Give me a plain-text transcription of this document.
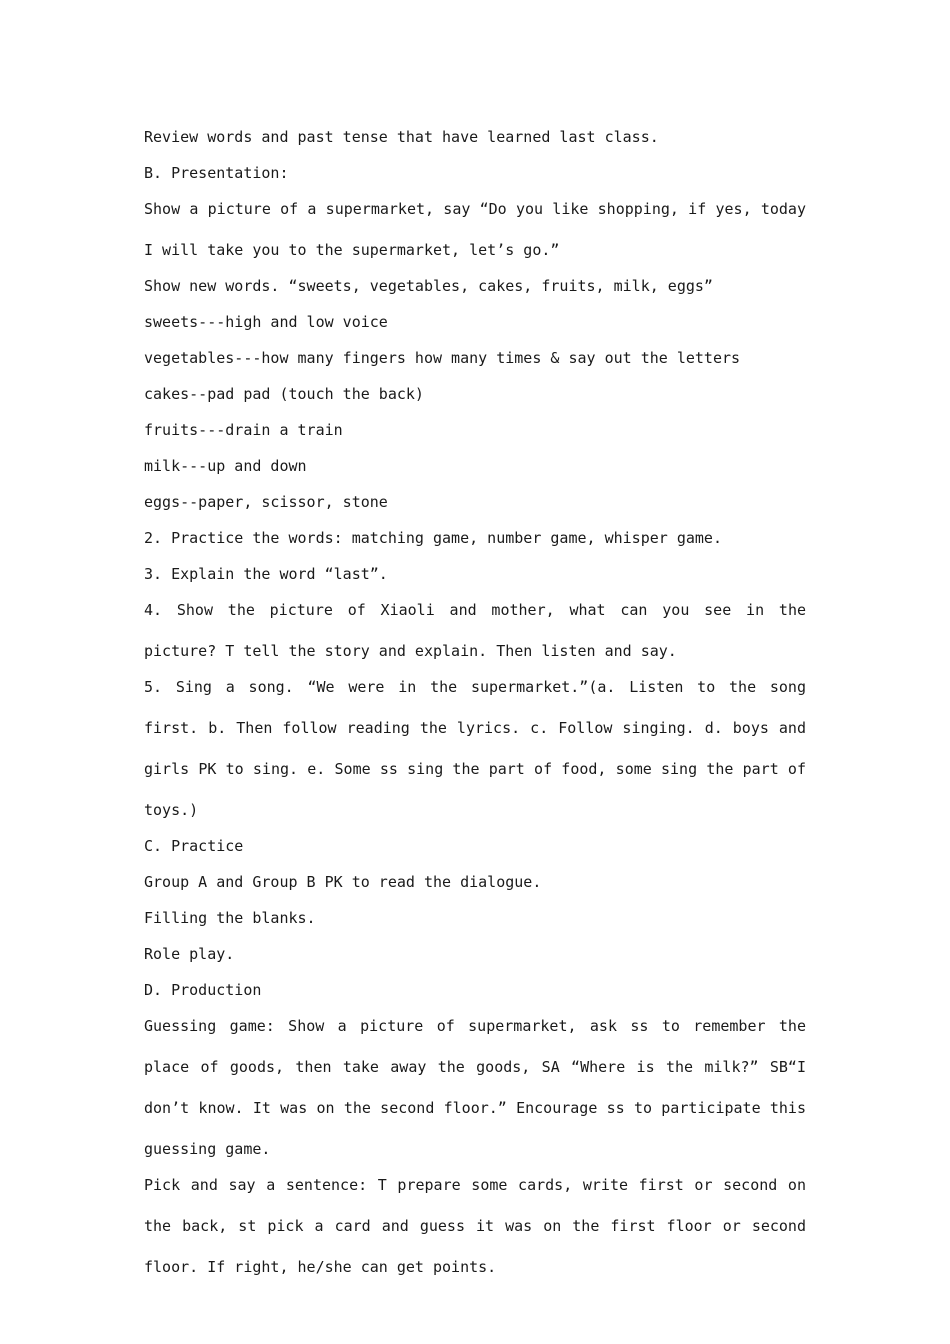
Review words and past tense that have learned last class.

B. Presentation:

Show a picture of a supermarket, say “Do you like shopping, if yes, today I will take you to the supermarket, let’s go.”

Show new words. “sweets, vegetables, cakes, fruits, milk, eggs”

sweets---high and low voice

vegetables---how many fingers how many times & say out the letters

cakes--pad pad (touch the back)

fruits---drain a train

milk---up and down

eggs--paper, scissor, stone

2. Practice the words: matching game, number game, whisper game.

3. Explain the word “last”.

4. Show the picture of Xiaoli and mother, what can you see in the picture? T tell the story and explain. Then listen and say.

5. Sing a song. “We were in the supermarket.”(a. Listen to the song first. b. Then follow reading the lyrics. c. Follow singing. d. boys and girls PK to sing. e. Some ss sing the part of food, some sing the part of toys.)

C. Practice

Group A and Group B PK to read the dialogue.

Filling the blanks.

Role play.

D. Production

Guessing game: Show a picture of supermarket, ask ss to remember the place of goods, then take away the goods, SA “Where is the milk?” SB“I don’t know. It was on the second floor.” Encourage ss to participate this guessing game.

Pick and say a sentence: T prepare some cards, write first or second on the back, st pick a card and guess it was on the first floor or second floor. If right, he/she can get points.
